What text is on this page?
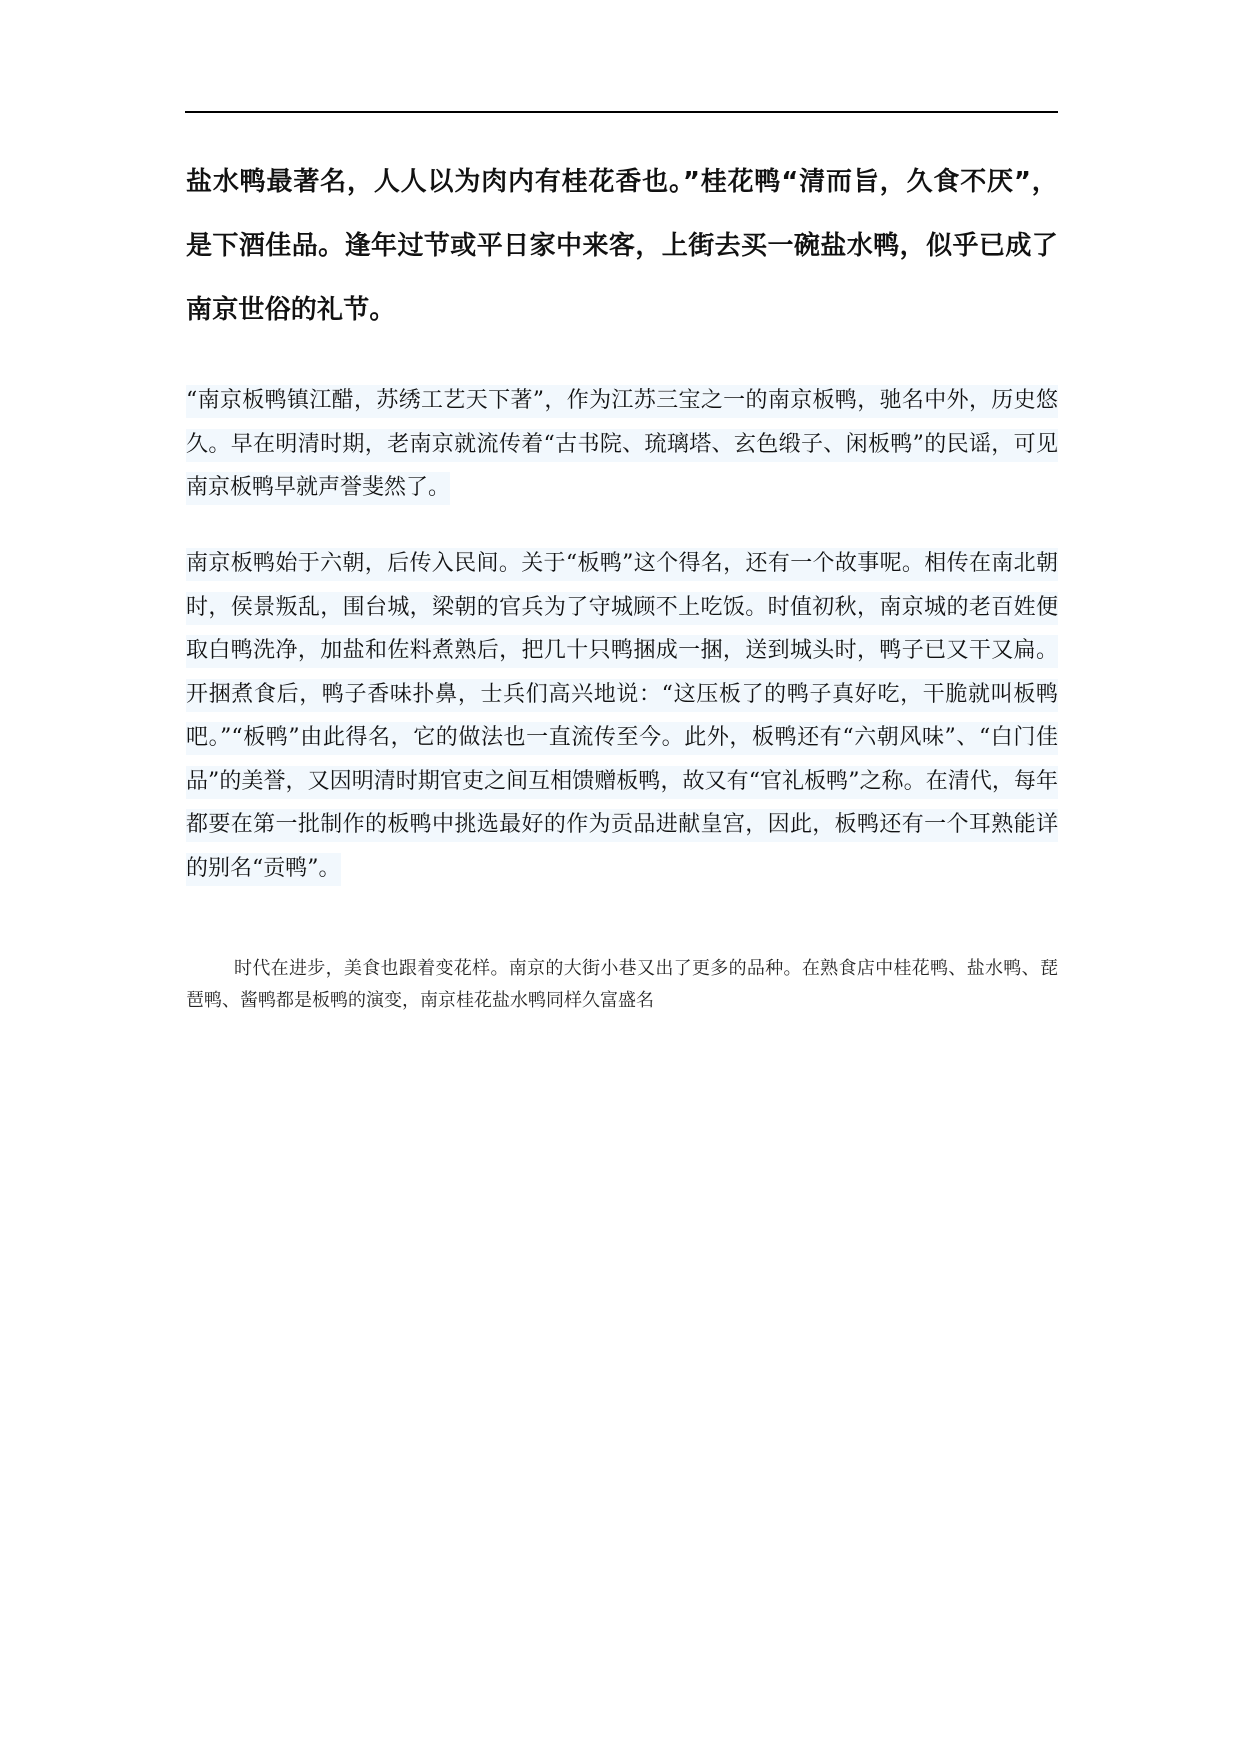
盐水鸭最著名，人人以为肉内有桂花香也。”桂花鸭“清而旨，久食不厌”，是下酒佳品。逢年过节或平日家中来客，上街去买一碗盐水鸭，似乎已成了南京世俗的礼节。

“南京板鸭镇江醋，苏绣工艺天下著”，作为江苏三宝之一的南京板鸭，驰名中外，历史悠久。早在明清时期，老南京就流传着“古书院、琉璃塔、玄色缎子、闲板鸭”的民谣，可见南京板鸭早就声誉斐然了。

南京板鸭始于六朝，后传入民间。关于“板鸭”这个得名，还有一个故事呢。相传在南北朝时，侯景叛乱，围台城，梁朝的官兵为了守城顾不上吃饭。时值初秋，南京城的老百姓便取白鸭洗净，加盐和佐料煮熟后，把几十只鸭捆成一捆，送到城头时，鸭子已又干又扁。开捆煮食后，鸭子香味扑鼻，士兵们高兴地说：“这压板了的鸭子真好吃，干脆就叫板鸭吧。”“板鸭”由此得名，它的做法也一直流传至今。此外，板鸭还有“六朝风味”、“白门佳品”的美誉，又因明清时期官吏之间互相馈赠板鸭，故又有“官礼板鸭”之称。在清代，每年都要在第一批制作的板鸭中挑选最好的作为贡品进献皇宫，因此，板鸭还有一个耳熟能详的别名“贡鸭”。

时代在进步，美食也跟着变花样。南京的大街小巷又出了更多的品种。在熟食店中桂花鸭、盐水鸭、琵琶鸭、酱鸭都是板鸭的演变，南京桂花盐水鸭同样久富盛名
